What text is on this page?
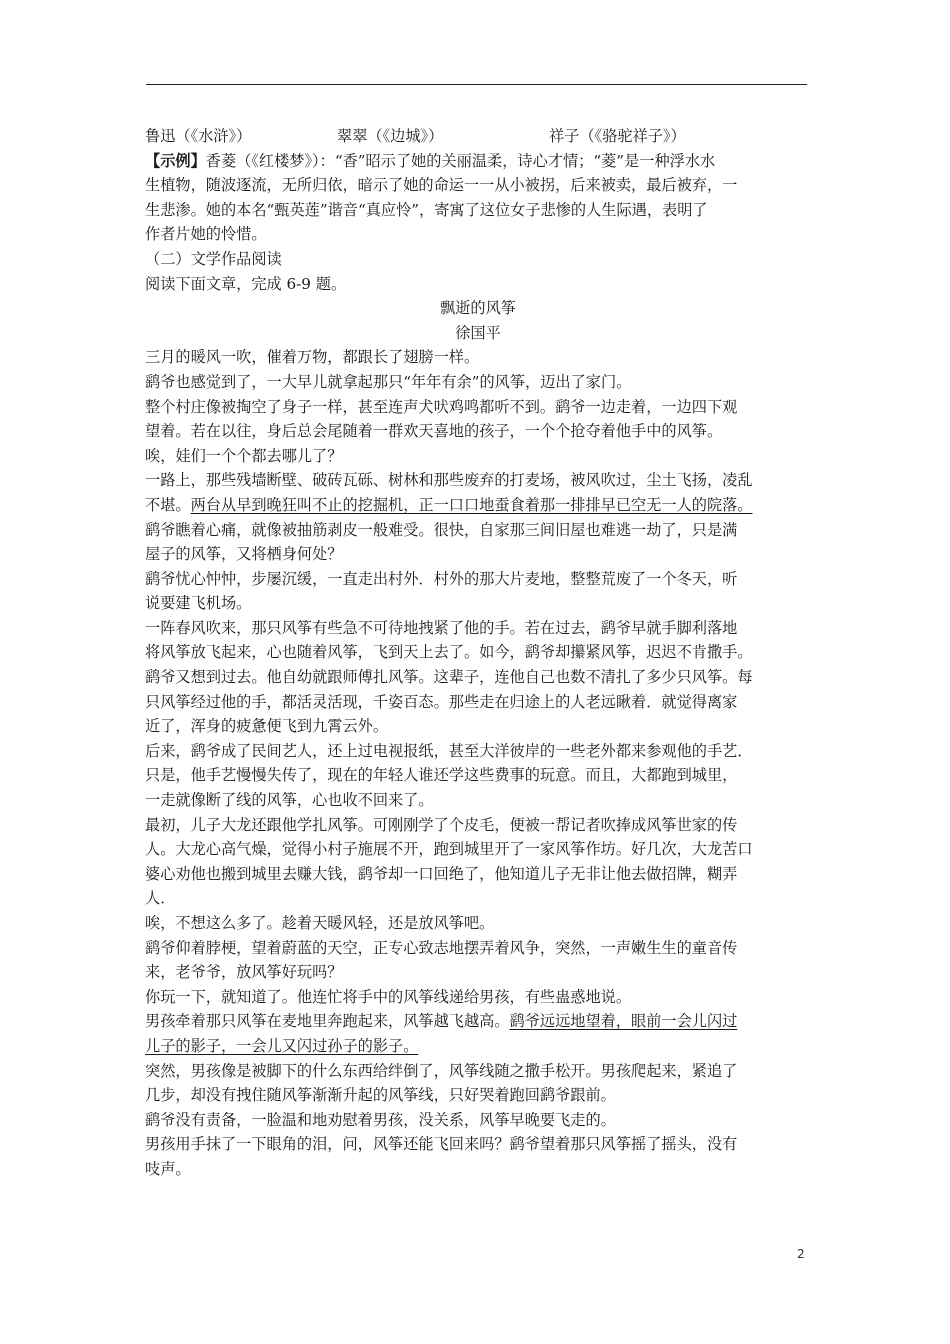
鲁迅（《水浒》）	翠翠（《边城》）	祥子（《骆驼祥子》）
【示例】香菱（《红楼梦》）：“香”昭示了她的关丽温柔，诗心才情；“菱”是一种浮水水
生植物，随波逐流，无所归依，暗示了她的命运一一从小被拐，后来被卖，最后被弃，一
生悲渗。她的本名“甄英莲”谐音“真应怜”，寄寓了这位女子悲惨的人生际遇，表明了
作者片她的怜惜。
（二）文学作品阅读
阅读下面文章，完成 6-9 题。
飘逝的风筝
徐国平
三月的暖风一吹，催着万物，都跟长了翅膀一样。
鹞爷也感觉到了，一大早儿就拿起那只“年年有余”的风筝，迈出了家门。
整个村庄像被掏空了身子一样，甚至连声犬吠鸡鸣都听不到。鹞爷一边走着，一边四下观
望着。若在以往，身后总会尾随着一群欢天喜地的孩子，一个个抢夺着他手中的风筝。
唉，娃们一个个都去哪儿了？
一路上，那些残墙断壁、破砖瓦砾、树林和那些废弃的打麦场，被风吹过，尘土飞扬，凌乱
不堪。两台从早到晚狂叫不止的挖掘机，正一口口地蚕食着那一排排早已空无一人的院落。
鹞爷瞧着心痛，就像被抽筋剥皮一般难受。很快，自家那三间旧屋也难逃一劫了，只是满
屋子的风筝，又将栖身何处？
鹞爷忧心忡忡，步屡沉缓，一直走出村外．村外的那大片麦地，整整荒废了一个冬天，听
说要建飞机场。
一阵春风吹来，那只风筝有些急不可待地拽紧了他的手。若在过去，鹞爷早就手脚利落地
将风筝放飞起来，心也随着风筝，飞到天上去了。如今，鹞爷却攥紧风筝，迟迟不肯撒手。
鹞爷又想到过去。他自幼就跟师傅扎风筝。这辈子，连他自己也数不清扎了多少只风筝。每
只风筝经过他的手，都活灵活现，千姿百态。那些走在归途上的人老远瞅着．就觉得离家
近了，浑身的疲惫便飞到九霄云外。
后来，鹞爷成了民间艺人，还上过电视报纸，甚至大洋彼岸的一些老外都来参观他的手艺．
只是，他手艺慢慢失传了，现在的年轻人谁还学这些费事的玩意。而且，大都跑到城里，
一走就像断了线的风筝，心也收不回来了。
最初，儿子大龙还跟他学扎风筝。可刚刚学了个皮毛，便被一帮记者吹捧成风筝世家的传
人。大龙心高气燥，觉得小村子施展不开，跑到城里开了一家风筝作坊。好几次，大龙苦口
婆心劝他也搬到城里去赚大钱，鹞爷却一口回绝了，他知道儿子无非让他去做招牌，糊弄
人．
唉，不想这么多了。趁着天暖风轻，还是放风筝吧。
鹞爷仰着脖梗，望着蔚蓝的天空，正专心致志地摆弄着风争，突然，一声嫩生生的童音传
来，老爷爷，放风筝好玩吗？
你玩一下，就知道了。他连忙将手中的风筝线递给男孩，有些蛊惑地说。
男孩牵着那只风筝在麦地里奔跑起来，风筝越飞越高。鹞爷远远地望着，眼前一会儿闪过
儿子的影子，一会儿又闪过孙子的影子。
突然，男孩像是被脚下的什么东西给绊倒了，风筝线随之撒手松开。男孩爬起来，紧追了
几步，却没有拽住随风筝渐渐升起的风筝线，只好哭着跑回鹞爷跟前。
鹞爷没有责备，一脸温和地劝慰着男孩，没关系，风筝早晚要飞走的。
男孩用手抹了一下眼角的泪，问，风筝还能飞回来吗？鹞爷望着那只风筝摇了摇头，没有
吱声。
2
